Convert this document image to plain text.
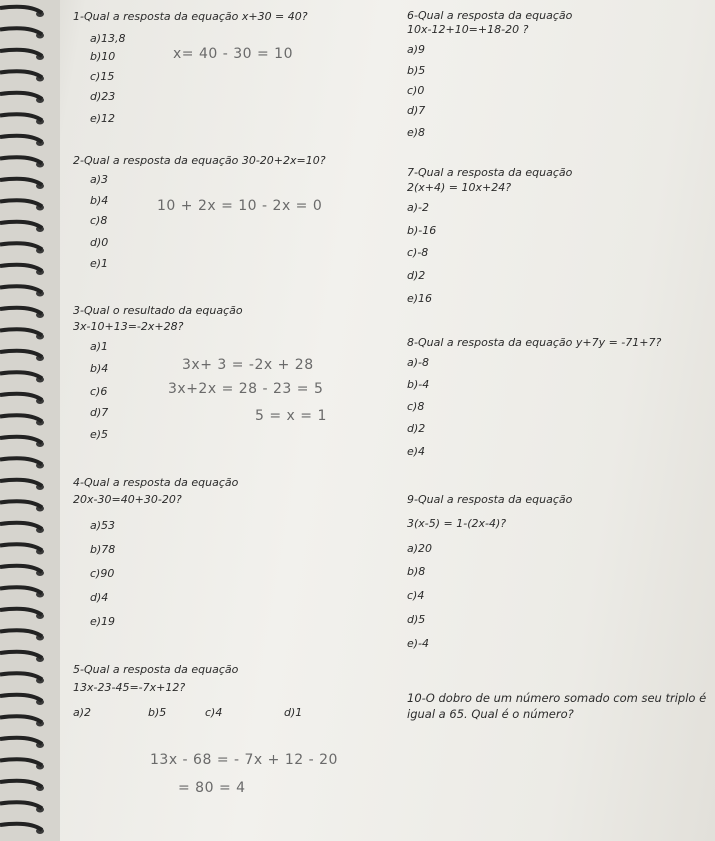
1-Qual a resposta da equação x+30 = 40?
a)13,8
b)10
c)15
d)23
e)12
x= 40 - 30 = 10
2-Qual a resposta da equação 30-20+2x=10?
a)3
b)4
c)8
d)0
e)1
10 + 2x = 10 - 2x = 0
3-Qual o resultado da equação
3x-10+13=-2x+28?
a)1
b)4
c)6
d)7
e)5
3x+ 3 = -2x + 28
3x+2x = 28 - 23 = 5
5 = x = 1
4-Qual a resposta da equação
20x-30=40+30-20?
a)53
b)78
c)90
d)4
e)19
5-Qual a resposta da equação
13x-23-45=-7x+12?
a)2	b)5	c)4	d)1
13x - 68 = - 7x + 12 - 20
= 80 = 4
6-Qual a resposta da equação
10x-12+10=+18-20 ?
a)9
b)5
c)0
d)7
e)8
7-Qual a resposta da equação
2(x+4) = 10x+24?
a)-2
b)-16
c)-8
d)2
e)16
8-Qual a resposta da equação y+7y = -71+7?
a)-8
b)-4
c)8
d)2
e)4
9-Qual a resposta da equação
3(x-5) = 1-(2x-4)?
a)20
b)8
c)4
d)5
e)-4
10-O dobro de um número somado com seu triplo é
igual a 65. Qual é o número?
